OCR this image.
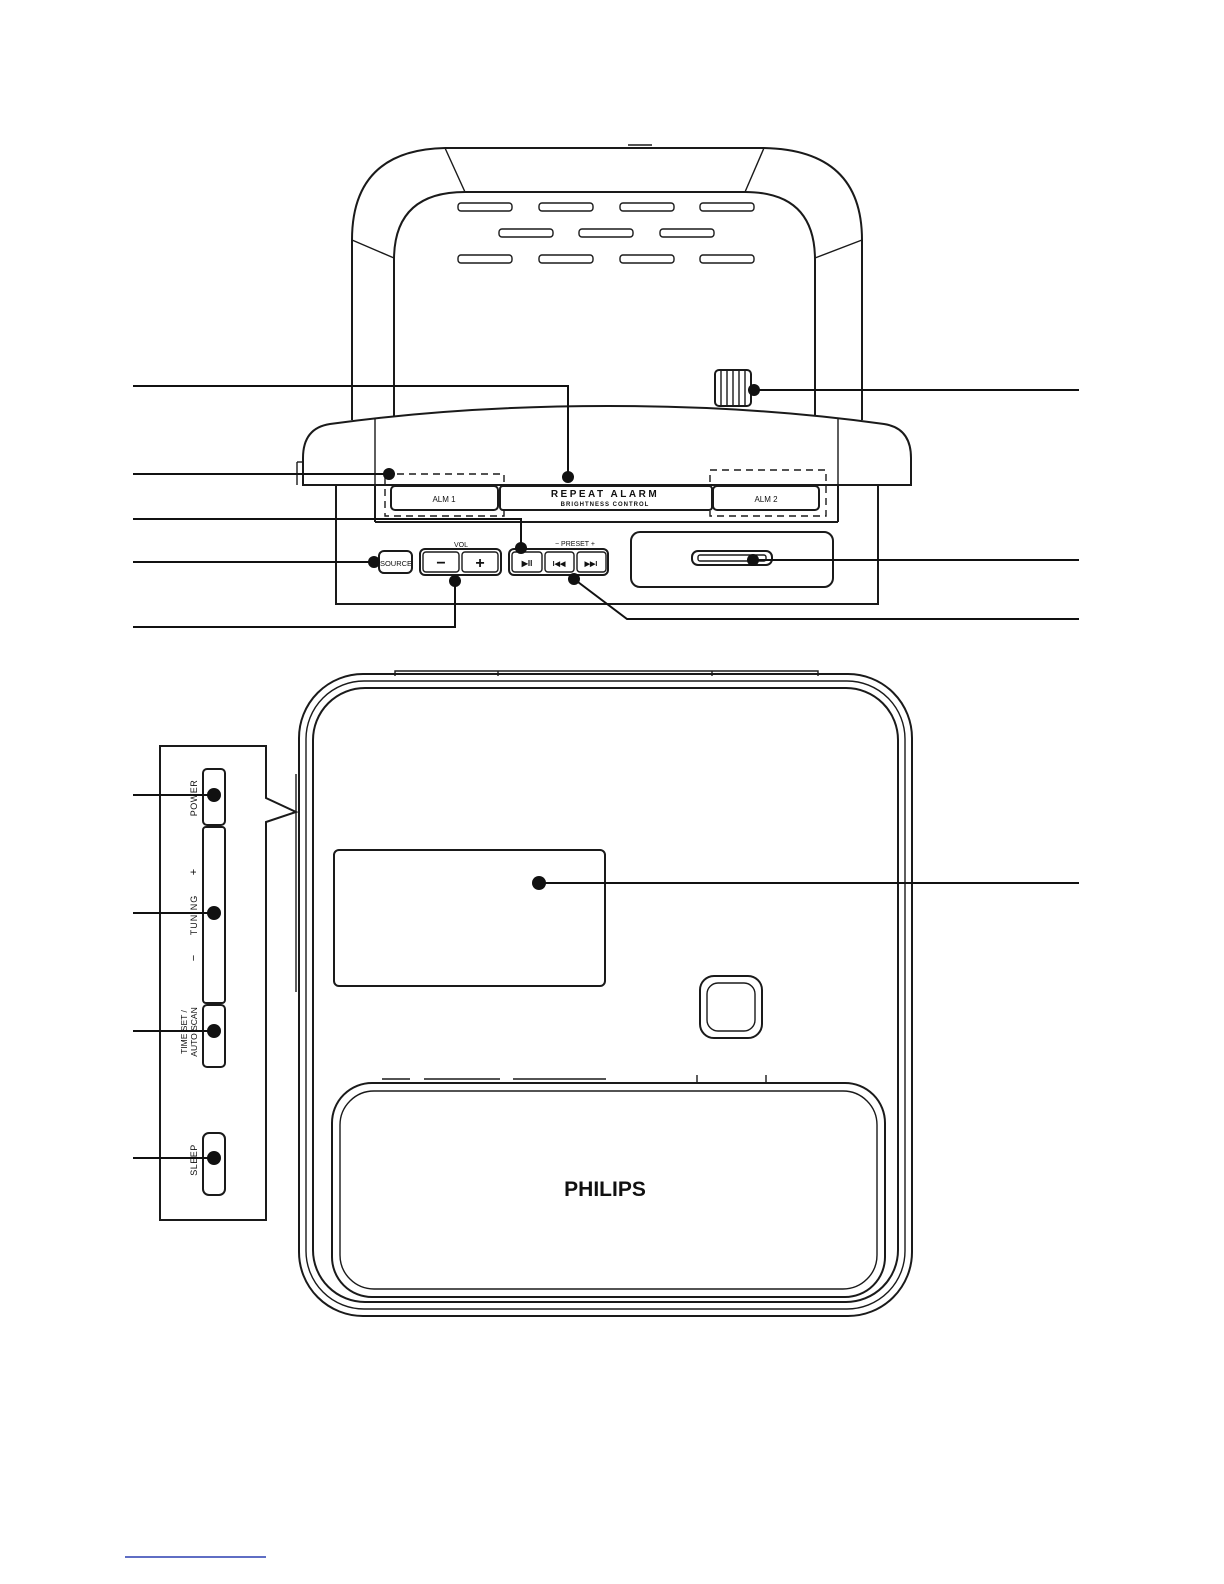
ALM 1	REPEAT ALARM
BRIGHTNESS CONTROL
ALM 2
SOURCE
VOL
− +
− PRESET +
▶II	I◀◀	▶▶I
PHILIPS
POWER
+
TUNING
−
TIME SET / AUTO SCAN
SLEEP
